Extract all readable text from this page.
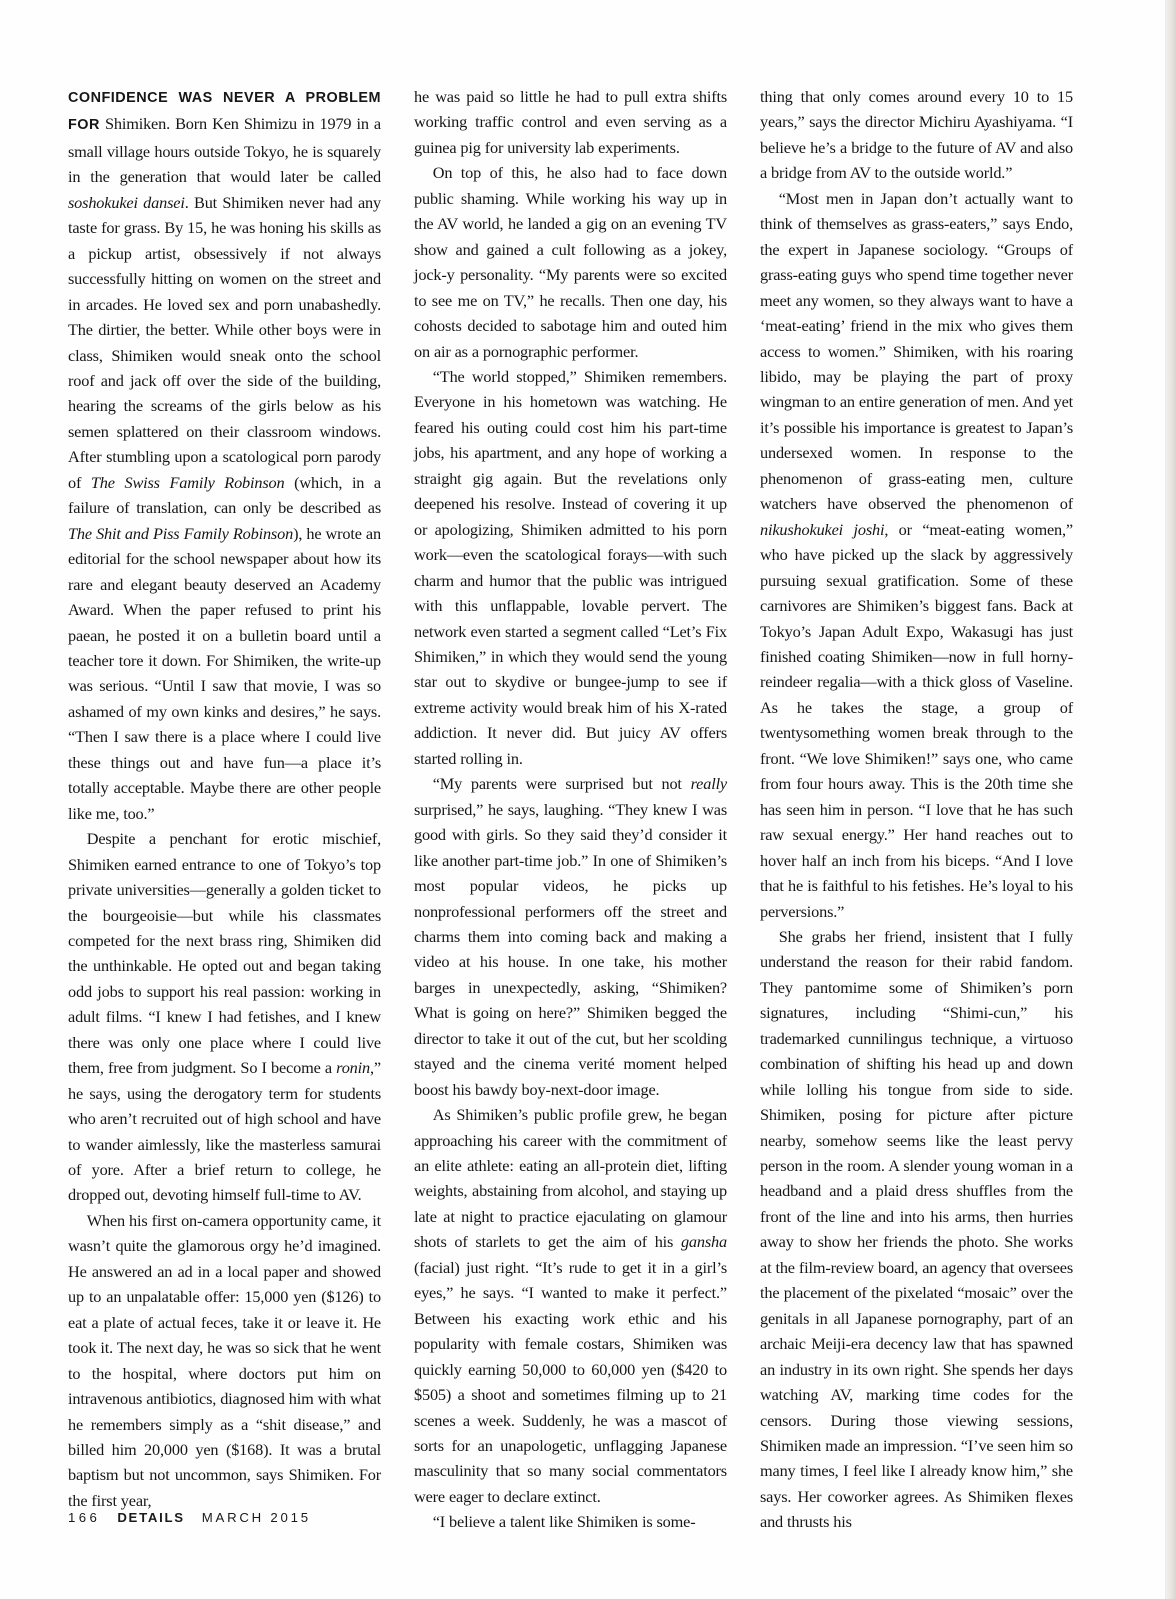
CONFIDENCE WAS NEVER A PROBLEM FOR Shimiken. Born Ken Shimizu in 1979 in a small village hours outside Tokyo, he is squarely in the generation that would later be called soshokukei dansei. But Shimiken never had any taste for grass. By 15, he was honing his skills as a pickup artist, obsessively if not always successfully hitting on women on the street and in arcades. He loved sex and porn unabashedly. The dirtier, the better. While other boys were in class, Shimiken would sneak onto the school roof and jack off over the side of the building, hearing the screams of the girls below as his semen splattered on their classroom windows. After stumbling upon a scatological porn parody of The Swiss Family Robinson (which, in a failure of translation, can only be described as The Shit and Piss Family Robinson), he wrote an editorial for the school newspaper about how its rare and elegant beauty deserved an Academy Award. When the paper refused to print his paean, he posted it on a bulletin board until a teacher tore it down. For Shimiken, the write-up was serious. “Until I saw that movie, I was so ashamed of my own kinks and desires,” he says. “Then I saw there is a place where I could live these things out and have fun—a place it’s totally acceptable. Maybe there are other people like me, too.”

Despite a penchant for erotic mischief, Shimiken earned entrance to one of Tokyo’s top private universities—generally a golden ticket to the bourgeoisie—but while his classmates competed for the next brass ring, Shimiken did the unthinkable. He opted out and began taking odd jobs to support his real passion: working in adult films. “I knew I had fetishes, and I knew there was only one place where I could live them, free from judgment. So I become a ronin,” he says, using the derogatory term for students who aren’t recruited out of high school and have to wander aimlessly, like the masterless samurai of yore. After a brief return to college, he dropped out, devoting himself full-time to AV.

When his first on-camera opportunity came, it wasn’t quite the glamorous orgy he’d imagined. He answered an ad in a local paper and showed up to an unpalatable offer: 15,000 yen ($126) to eat a plate of actual feces, take it or leave it. He took it. The next day, he was so sick that he went to the hospital, where doctors put him on intravenous antibiotics, diagnosed him with what he remembers simply as a “shit disease,” and billed him 20,000 yen ($168). It was a brutal baptism but not uncommon, says Shimiken. For the first year,

he was paid so little he had to pull extra shifts working traffic control and even serving as a guinea pig for university lab experiments.

On top of this, he also had to face down public shaming. While working his way up in the AV world, he landed a gig on an evening TV show and gained a cult following as a jokey, jock-y personality. “My parents were so excited to see me on TV,” he recalls. Then one day, his cohosts decided to sabotage him and outed him on air as a pornographic performer.

“The world stopped,” Shimiken remembers. Everyone in his hometown was watching. He feared his outing could cost him his part-time jobs, his apartment, and any hope of working a straight gig again. But the revelations only deepened his resolve. Instead of covering it up or apologizing, Shimiken admitted to his porn work—even the scatological forays—with such charm and humor that the public was intrigued with this unflappable, lovable pervert. The network even started a segment called “Let’s Fix Shimiken,” in which they would send the young star out to skydive or bungee-jump to see if extreme activity would break him of his X-rated addiction. It never did. But juicy AV offers started rolling in.

“My parents were surprised but not really surprised,” he says, laughing. “They knew I was good with girls. So they said they’d consider it like another part-time job.” In one of Shimiken’s most popular videos, he picks up nonprofessional performers off the street and charms them into coming back and making a video at his house. In one take, his mother barges in unexpectedly, asking, “Shimiken? What is going on here?” Shimiken begged the director to take it out of the cut, but her scolding stayed and the cinema verité moment helped boost his bawdy boy-next-door image.

As Shimiken’s public profile grew, he began approaching his career with the commitment of an elite athlete: eating an all-protein diet, lifting weights, abstaining from alcohol, and staying up late at night to practice ejaculating on glamour shots of starlets to get the aim of his gansha (facial) just right. “It’s rude to get it in a girl’s eyes,” he says. “I wanted to make it perfect.” Between his exacting work ethic and his popularity with female costars, Shimiken was quickly earning 50,000 to 60,000 yen ($420 to $505) a shoot and sometimes filming up to 21 scenes a week. Suddenly, he was a mascot of sorts for an unapologetic, unflagging Japanese masculinity that so many social commentators were eager to declare extinct.

“I believe a talent like Shimiken is some-

thing that only comes around every 10 to 15 years,” says the director Michiru Ayashiyama. “I believe he’s a bridge to the future of AV and also a bridge from AV to the outside world.”

“Most men in Japan don’t actually want to think of themselves as grass-eaters,” says Endo, the expert in Japanese sociology. “Groups of grass-eating guys who spend time together never meet any women, so they always want to have a ‘meat-eating’ friend in the mix who gives them access to women.” Shimiken, with his roaring libido, may be playing the part of proxy wingman to an entire generation of men. And yet it’s possible his importance is greatest to Japan’s undersexed women. In response to the phenomenon of grass-eating men, culture watchers have observed the phenomenon of nikushokukei joshi, or “meat-eating women,” who have picked up the slack by aggressively pursuing sexual gratification. Some of these carnivores are Shimiken’s biggest fans. Back at Tokyo’s Japan Adult Expo, Wakasugi has just finished coating Shimiken—now in full horny-reindeer regalia—with a thick gloss of Vaseline. As he takes the stage, a group of twentysomething women break through to the front. “We love Shimiken!” says one, who came from four hours away. This is the 20th time she has seen him in person. “I love that he has such raw sexual energy.” Her hand reaches out to hover half an inch from his biceps. “And I love that he is faithful to his fetishes. He’s loyal to his perversions.”

She grabs her friend, insistent that I fully understand the reason for their rabid fandom. They pantomime some of Shimiken’s porn signatures, including “Shimi-cun,” his trademarked cunnilingus technique, a virtuoso combination of shifting his head up and down while lolling his tongue from side to side. Shimiken, posing for picture after picture nearby, somehow seems like the least pervy person in the room. A slender young woman in a headband and a plaid dress shuffles from the front of the line and into his arms, then hurries away to show her friends the photo. She works at the film-review board, an agency that oversees the placement of the pixelated “mosaic” over the genitals in all Japanese pornography, part of an archaic Meiji-era decency law that has spawned an industry in its own right. She spends her days watching AV, marking time codes for the censors. During those viewing sessions, Shimiken made an impression. “I’ve seen him so many times, I feel like I already know him,” she says. Her coworker agrees. As Shimiken flexes and thrusts his

166 DETAILS MARCH 2015
